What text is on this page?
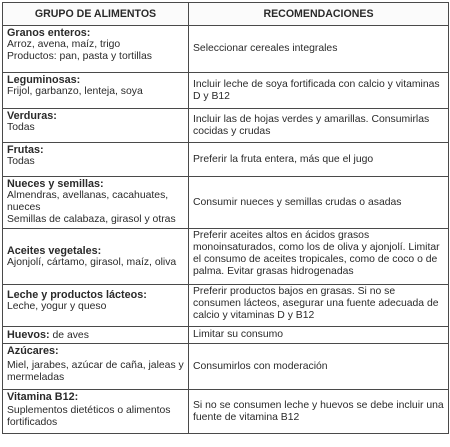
GRUPO DE ALIMENTOS	RECOMENDACIONES

Granos enteros:
Arroz, avena, maíz, trigo
Productos: pan, pasta y tortillas	Seleccionar cereales integrales

Leguminosas:
Frijol, garbanzo, lenteja, soya	Incluir leche de soya fortificada con calcio y vitaminas D y B12

Verduras:
Todas	Incluir las de hojas verdes y amarillas. Consumirlas cocidas y crudas

Frutas:
Todas	Preferir la fruta entera, más que el jugo

Nueces y semillas:
Almendras, avellanas, cacahuates, nueces
Semillas de calabaza, girasol y otras	Consumir nueces y semillas crudas o asadas

Aceites vegetales:
Ajonjolí, cártamo, girasol, maíz, oliva	Preferir aceites altos en ácidos grasos monoinsaturados, como los de oliva y ajonjolí. Limitar el consumo de aceites tropicales, como de coco o de palma. Evitar grasas hidrogenadas

Leche y productos lácteos:
Leche, yogur y queso	Preferir productos bajos en grasas. Si no se consumen lácteos, asegurar una fuente adecuada de calcio y vitaminas D y B12
Huevos: de aves	Limitar su consumo

Azúcares:
Miel, jarabes, azúcar de caña, jaleas y mermeladas	Consumirlos con moderación

Vitamina B12:
Suplementos dietéticos o alimentos fortificados	Si no se consumen leche y huevos se debe incluir una fuente de vitamina B12
